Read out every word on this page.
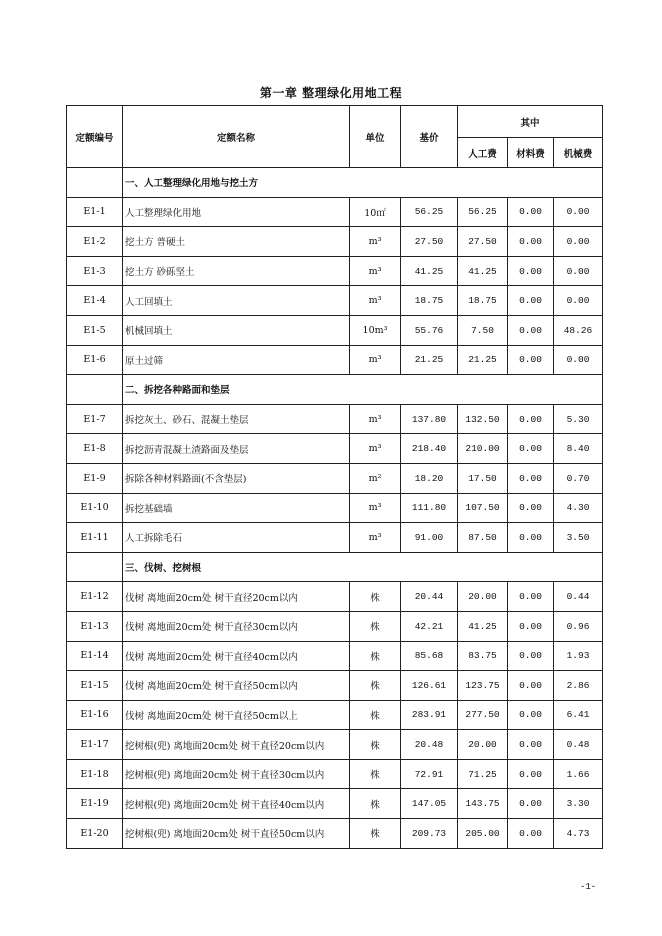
第一章 整理绿化用地工程
定额编号	定额名称	单位	基价	其中		
				人工费	材料费	机械费
	一、人工整理绿化用地与挖土方					
E1-1	人工整理绿化用地	10㎡	56.25	56.25	0.00	0.00
E1-2	挖土方 普硬土	m³	27.50	27.50	0.00	0.00
E1-3	挖土方 砂砾坚土	m³	41.25	41.25	0.00	0.00
E1-4	人工回填土	m³	18.75	18.75	0.00	0.00
E1-5	机械回填土	10m³	55.76	7.50	0.00	48.26
E1-6	原土过筛	m³	21.25	21.25	0.00	0.00
	二、拆挖各种路面和垫层					
E1-7	拆挖灰土、砂石、混凝土垫层	m³	137.80	132.50	0.00	5.30
E1-8	拆挖沥青混凝土渣路面及垫层	m³	218.40	210.00	0.00	8.40
E1-9	拆除各种材料路面(不含垫层)	m²	18.20	17.50	0.00	0.70
E1-10	拆挖基础墙	m³	111.80	107.50	0.00	4.30
E1-11	人工拆除毛石	m³	91.00	87.50	0.00	3.50
	三、伐树、挖树根					
E1-12	伐树 离地面20cm处 树干直径20cm以内	株	20.44	20.00	0.00	0.44
E1-13	伐树 离地面20cm处 树干直径30cm以内	株	42.21	41.25	0.00	0.96
E1-14	伐树 离地面20cm处 树干直径40cm以内	株	85.68	83.75	0.00	1.93
E1-15	伐树 离地面20cm处 树干直径50cm以内	株	126.61	123.75	0.00	2.86
E1-16	伐树 离地面20cm处 树干直径50cm以上	株	283.91	277.50	0.00	6.41
E1-17	挖树根(兜) 离地面20cm处 树干直径20cm以内	株	20.48	20.00	0.00	0.48
E1-18	挖树根(兜) 离地面20cm处 树干直径30cm以内	株	72.91	71.25	0.00	1.66
E1-19	挖树根(兜) 离地面20cm处 树干直径40cm以内	株	147.05	143.75	0.00	3.30
E1-20	挖树根(兜) 离地面20cm处 树干直径50cm以内	株	209.73	205.00	0.00	4.73
-1-
